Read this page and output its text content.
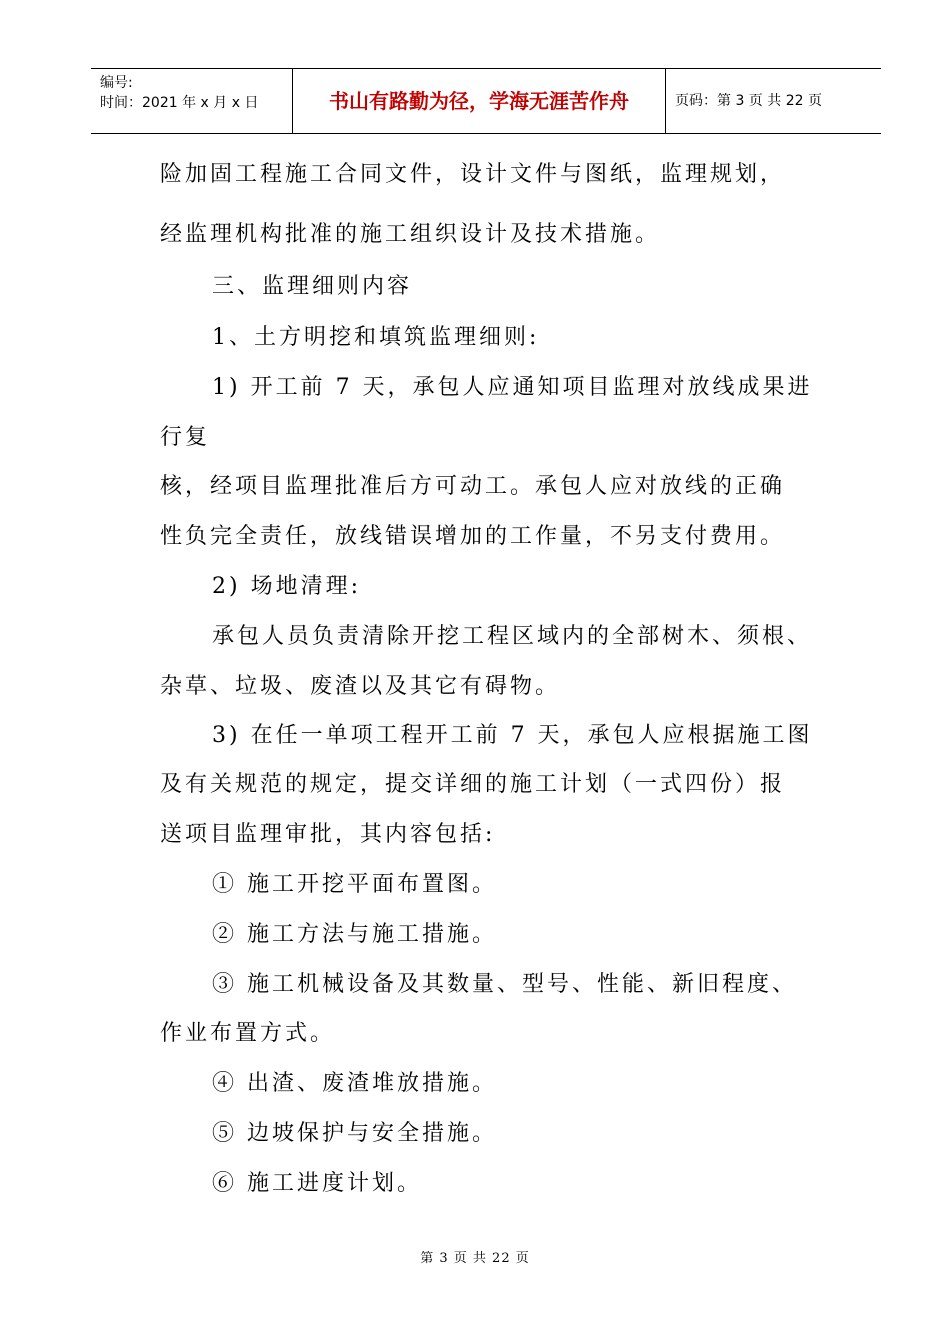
编号:
时间：2021 年 x 月 x 日	书山有路勤为径，学海无涯苦作舟	页码：第 3 页 共 22 页
险加固工程施工合同文件，设计文件与图纸，监理规划，
经监理机构批准的施工组织设计及技术措施。
三、监理细则内容
1、土方明挖和填筑监理细则:
1) 开工前 7 天，承包人应通知项目监理对放线成果进
行复
核，经项目监理批准后方可动工。承包人应对放线的正确
性负完全责任，放线错误增加的工作量，不另支付费用。
2) 场地清理:
承包人员负责清除开挖工程区域内的全部树木、须根、
杂草、垃圾、废渣以及其它有碍物。
3) 在任一单项工程开工前 7 天，承包人应根据施工图
及有关规范的规定，提交详细的施工计划（一式四份）报
送项目监理审批，其内容包括:
① 施工开挖平面布置图。
② 施工方法与施工措施。
③ 施工机械设备及其数量、型号、性能、新旧程度、
作业布置方式。
④ 出渣、废渣堆放措施。
⑤ 边坡保护与安全措施。
⑥ 施工进度计划。
第 3 页 共 22 页
